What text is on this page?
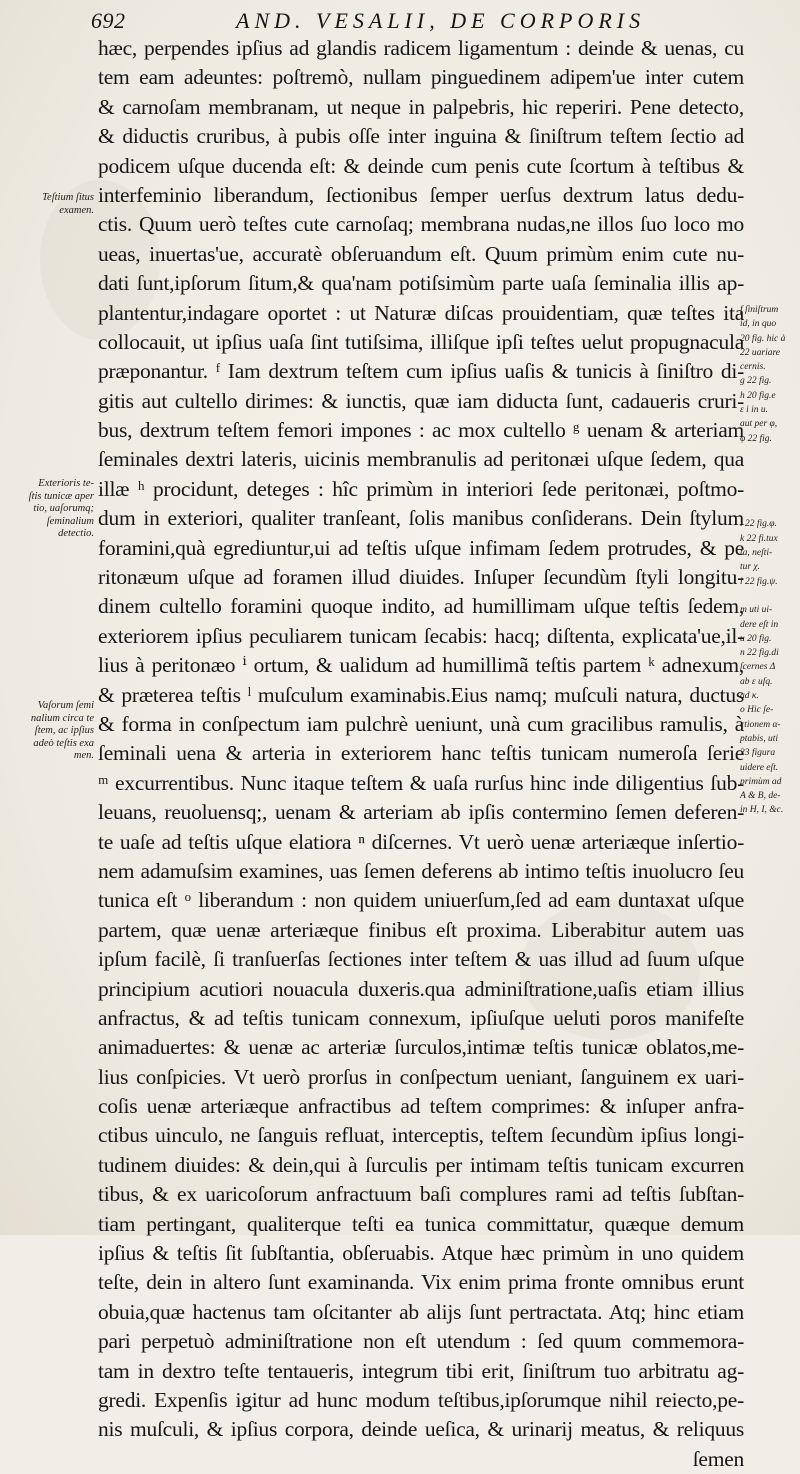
692	AND. VESALII, DE CORPORIS
Teſtium ſitus
examen.
Exterioris te-
ſtis tunicæ aper
tio, uaſorumq;
ſeminalium
detectio.
Vaſorum ſemi
nalium circa te
ſtem, ac ipſius
adeò teſtis exa
men.
hæc, perpendes ipſius ad glandis radicem ligamentum : deinde & uenas, cu
tem eam adeuntes: poſtremò, nullam pinguedinem adipem'ue inter cutem
& carnoſam membranam, ut neque in palpebris, hic reperiri. Pene detecto,
& diductis cruribus, à pubis oſſe inter inguina & ſiniſtrum teſtem ſectio ad
podicem uſque ducenda eſt: & deinde cum penis cute ſcortum à teſtibus &
interfeminio liberandum, ſectionibus ſemper uerſus dextrum latus dedu-
ctis. Quum uerò teſtes cute carnoſaq; membrana nudas,ne illos ſuo loco mo
ueas, inuertas'ue, accuratè obſeruandum eſt. Quum primùm enim cute nu-
dati ſunt,ipſorum ſitum,& qua'nam potiſsimùm parte uaſa ſeminalia illis ap-
plantentur,indagare oportet : ut Naturæ diſcas prouidentiam, quæ teſtes ita
collocauit, ut ipſius uaſa ſint tutiſsima, illiſque ipſi teſtes uelut propugnacula
præponantur. ᶠ Iam dextrum teſtem cum ipſius uaſis & tunicis à ſiniſtro di-
gitis aut cultello dirimes: & iunctis, quæ iam diducta ſunt, cadaueris cruri-
bus, dextrum teſtem femori impones : ac mox cultello ᵍ uenam & arteriam
ſeminales dextri lateris, uicinis membranulis ad peritonæi uſque ſedem, qua
illæ ʰ procidunt, deteges : hîc primùm in interiori ſede peritonæi, poſtmo-
dum in exteriori, qualiter tranſeant, ſolis manibus conſiderans. Dein ſtylum
foramini,quà egrediuntur,ui ad teſtis uſque infimam ſedem protrudes, & pe
ritonæum uſque ad foramen illud diuides. Inſuper ſecundùm ſtyli longitu-
dinem cultello foramini quoque indito, ad humillimam uſque teſtis ſedem,
exteriorem ipſius peculiarem tunicam ſecabis: hacq; diſtenta, explicata'ue,il-
lius à peritonæo ⁱ ortum, & ualidum ad humillimã teſtis partem ᵏ adnexum,
& præterea teſtis ˡ muſculum examinabis.Eius namq; muſculi natura, ductus
& forma in conſpectum iam pulchrè ueniunt, unà cum gracilibus ramulis, à
ſeminali uena & arteria in exteriorem hanc teſtis tunicam numeroſa ſerie
ᵐ excurrentibus. Nunc itaque teſtem & uaſa rurſus hinc inde diligentius ſub-
leuans, reuoluensq;, uenam & arteriam ab ipſis contermino ſemen deferen-
te uaſe ad teſtis uſque elatiora ⁿ diſcernes. Vt uerò uenæ arteriæque inſertio-
nem adamuſsim examines, uas ſemen deferens ab intimo teſtis inuolucro ſeu
tunica eſt ᵒ liberandum : non quidem uniuerſum,ſed ad eam duntaxat uſque
partem, quæ uenæ arteriæque finibus eſt proxima. Liberabitur autem uas
ipſum facilè, ſi tranſuerſas ſectiones inter teſtem & uas illud ad ſuum uſque
principium acutiori nouacula duxeris.qua adminiſtratione,uaſis etiam illius
anfractus, & ad teſtis tunicam connexum, ipſiuſque ueluti poros manifeſte
animaduertes: & uenæ ac arteriæ ſurculos,intimæ teſtis tunicæ oblatos,me-
lius conſpicies. Vt uerò prorſus in conſpectum ueniant, ſanguinem ex uari-
coſis uenæ arteriæque anfractibus ad teſtem comprimes: & inſuper anfra-
ctibus uinculo, ne ſanguis refluat, interceptis, teſtem ſecundùm ipſius longi-
tudinem diuides: & dein,qui à ſurculis per intimam teſtis tunicam excurren
tibus, & ex uaricoſorum anfractuum baſi complures rami ad teſtis ſubſtan-
tiam pertingant, qualiterque teſti ea tunica committatur, quæque demum
ipſius & teſtis ſit ſubſtantia, obſeruabis. Atque hæc primùm in uno quidem
teſte, dein in altero ſunt examinanda. Vix enim prima fronte omnibus erunt
obuia,quæ hactenus tam oſcitanter ab alijs ſunt pertractata. Atq; hinc etiam
pari perpetuò adminiſtratione non eſt utendum : ſed quum commemora-
tam in dextro teſte tentaueris, integrum tibi erit, ſiniſtrum tuo arbitratu ag-
gredi. Expenſis igitur ad hunc modum teſtibus,ipſorumque nihil reiecto,pe-
nis muſculi, & ipſius corpora, deinde ueſica, & urinarij meatus, & reliquus
ſemen
f ſiniſtrum
id, in quo
20 fig. hic à
22 uariare
cernis.
g 22 fig.
h 20 fig.e
ε i in u.
aut per φ,
φ 22 fig.
i 22 fig.φ.
k 22 fi.tux
ta, neſti-
tur χ.
l 22 fig.ψ.
m uti ui-
dere eſt in
u 20 fig.
n 22 fig.di
ſcernes Δ
ab ε uſq.
ad κ.
o Hic ſe-
ctionem α-
ptabis, uti
23 figura
uidere eſt.
primùm ad
A & B, de-
in H, I, &c.
